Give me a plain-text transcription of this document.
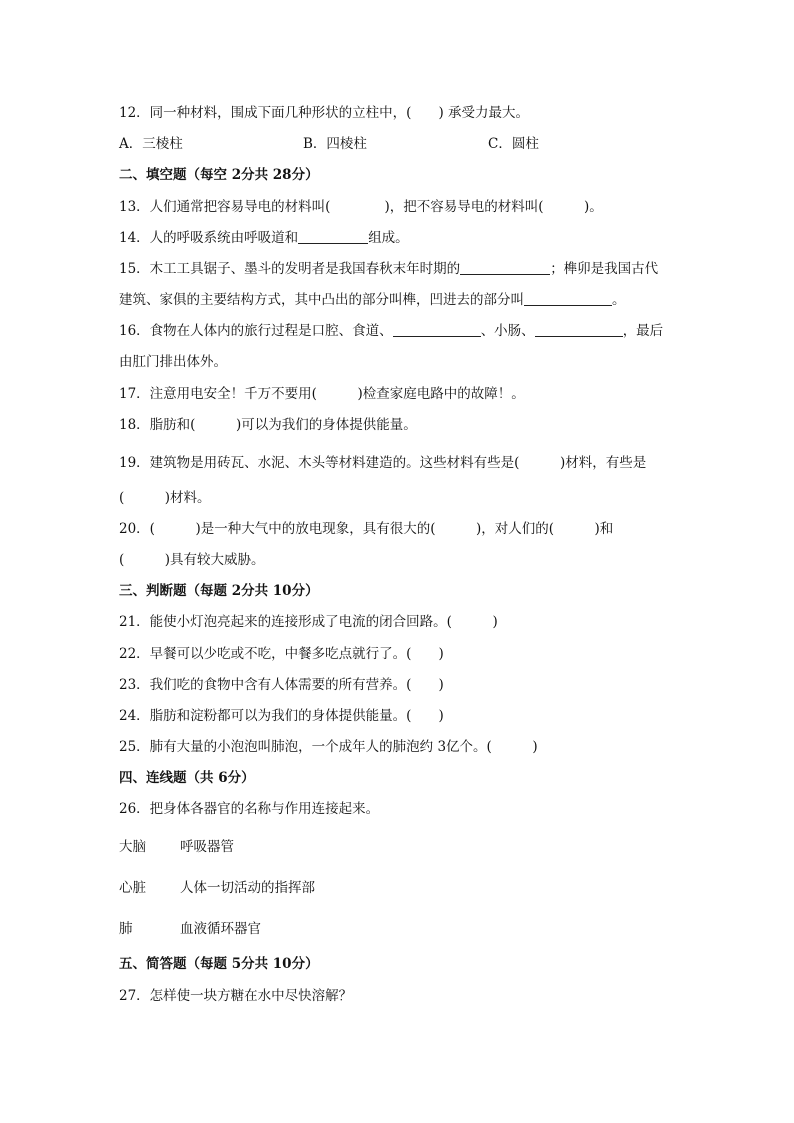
12．同一种材料，围成下面几种形状的立柱中，(　　) 承受力最大。
A．三棱柱	B．四棱柱	C．圆柱
二、填空题（每空 2分共 28分）
13．人们通常把容易导电的材料叫(　　　　)，把不容易导电的材料叫(　　　)。
14．人的呼吸系统由呼吸道和	组成。
15．木工工具锯子、墨斗的发明者是我国春秋末年时期的	；榫卯是我国古代
建筑、家俱的主要结构方式，其中凸出的部分叫榫，凹进去的部分叫	。
16．食物在人体内的旅行过程是口腔、食道、	、小肠、	，最后
由肛门排出体外。
17．注意用电安全！千万不要用(　　　)检查家庭电路中的故障！。
18．脂肪和(　　　)可以为我们的身体提供能量。
19．建筑物是用砖瓦、水泥、木头等材料建造的。这些材料有些是(　　　)材料，有些是
(　　　)材料。
20．(　　　)是一种大气中的放电现象，具有很大的(　　　)，对人们的(　　　)和
(　　　)具有较大威胁。
三、判断题（每题 2分共 10分）
21．能使小灯泡亮起来的连接形成了电流的闭合回路。(　　　)
22．早餐可以少吃或不吃，中餐多吃点就行了。(　　)
23．我们吃的食物中含有人体需要的所有营养。(　　)
24．脂肪和淀粉都可以为我们的身体提供能量。(　　)
25．肺有大量的小泡泡叫肺泡，一个成年人的肺泡约 3亿个。(　　　)
四、连线题（共 6分）
26．把身体各器官的名称与作用连接起来。
大脑	呼吸器管
心脏	人体一切活动的指挥部
肺	血液循环器官
五、简答题（每题 5分共 10分）
27．怎样使一块方糖在水中尽快溶解？
